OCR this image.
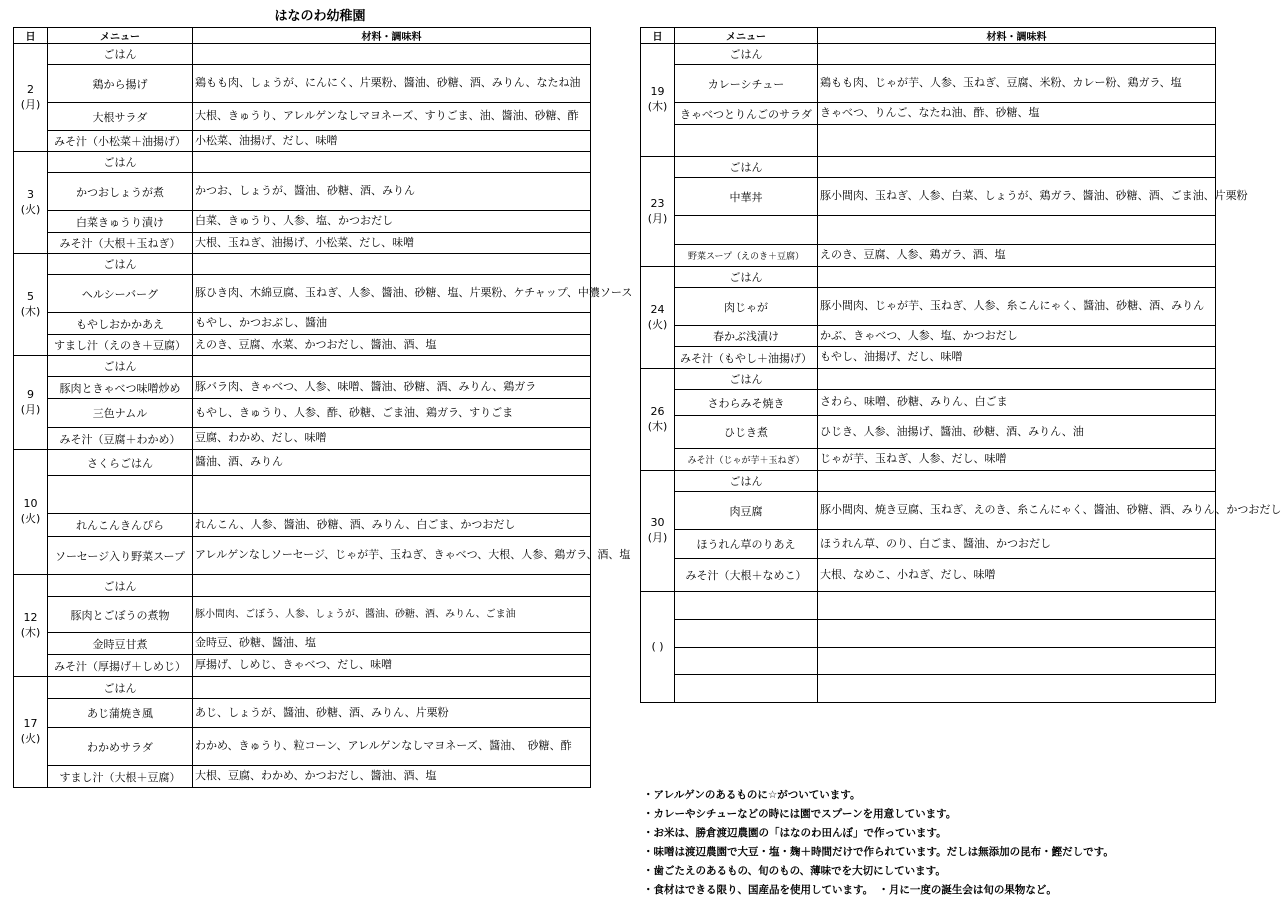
はなのわ幼稚園
日	メニュー	材料・調味料

2
(月)	ごはん	
	鶏から揚げ	鶏もも肉、しょうが、にんにく、片栗粉、醬油、砂糖、酒、みりん、なたね油
	大根サラダ	大根、きゅうり、アレルゲンなしマヨネーズ、すりごま、油、醬油、砂糖、酢
	みそ汁（小松菜＋油揚げ）	小松菜、油揚げ、だし、味噌

3
(火)	ごはん	
	かつおしょうが煮	かつお、しょうが、醬油、砂糖、酒、みりん
	白菜きゅうり漬け	白菜、きゅうり、人参、塩、かつおだし
	みそ汁（大根＋玉ねぎ）	大根、玉ねぎ、油揚げ、小松菜、だし、味噌

5
(木)	ごはん	
	ヘルシーバーグ	豚ひき肉、木綿豆腐、玉ねぎ、人参、醬油、砂糖、塩、片栗粉、ケチャップ、中濃ソース
	もやしおかかあえ	もやし、かつおぶし、醬油
	すまし汁（えのき＋豆腐）	えのき、豆腐、水菜、かつおだし、醬油、酒、塩

9
(月)	ごはん	
	豚肉ときゃべつ味噌炒め	豚バラ肉、きゃべつ、人参、味噌、醬油、砂糖、酒、みりん、鶏ガラ
	三色ナムル	もやし、きゅうり、人参、酢、砂糖、ごま油、鶏ガラ、すりごま
	みそ汁（豆腐＋わかめ）	豆腐、わかめ、だし、味噌

10
(火)	さくらごはん	醬油、酒、みりん

	れんこんきんぴら	れんこん、人参、醬油、砂糖、酒、みりん、白ごま、かつおだし
	ソーセージ入り野菜スープ	アレルゲンなしソーセージ、じゃが芋、玉ねぎ、きゃべつ、大根、人参、鶏ガラ、酒、塩

12
(木)	ごはん	
	豚肉とごぼうの煮物	豚小間肉、ごぼう、人参、しょうが、醬油、砂糖、酒、みりん、ごま油
	金時豆甘煮	金時豆、砂糖、醬油、塩
	みそ汁（厚揚げ＋しめじ）	厚揚げ、しめじ、きゃべつ、だし、味噌

17
(火)	ごはん	
	あじ蒲焼き風	あじ、しょうが、醬油、砂糖、酒、みりん、片栗粉
	わかめサラダ	わかめ、きゅうり、粒コーン、アレルゲンなしマヨネーズ、醬油、　砂糖、酢
	すまし汁（大根＋豆腐）	大根、豆腐、わかめ、かつおだし、醬油、酒、塩
日	メニュー	材料・調味料

19
(木)	ごはん	
	カレーシチュー	鶏もも肉、じゃが芋、人参、玉ねぎ、豆腐、米粉、カレー粉、鶏ガラ、塩
	きゃべつとりんごのサラダ	きゃべつ、りんご、なたね油、酢、砂糖、塩

23
(月)	ごはん	
	中華丼	豚小間肉、玉ねぎ、人参、白菜、しょうが、鶏ガラ、醬油、砂糖、酒、ごま油、片栗粉

	野菜スープ（えのき＋豆腐）	えのき、豆腐、人参、鶏ガラ、酒、塩

24
(火)	ごはん	
	肉じゃが	豚小間肉、じゃが芋、玉ねぎ、人参、糸こんにゃく、醬油、砂糖、酒、みりん
	春かぶ浅漬け	かぶ、きゃべつ、人参、塩、かつおだし
	みそ汁（もやし＋油揚げ）	もやし、油揚げ、だし、味噌

26
(木)	ごはん	
	さわらみそ焼き	さわら、味噌、砂糖、みりん、白ごま
	ひじき煮	ひじき、人参、油揚げ、醬油、砂糖、酒、みりん、油
	みそ汁（じゃが芋＋玉ねぎ）	じゃが芋、玉ねぎ、人参、だし、味噌

30
(月)	ごはん	
	肉豆腐	豚小間肉、焼き豆腐、玉ねぎ、えのき、糸こんにゃく、醬油、砂糖、酒、みりん、かつおだし
	ほうれん草のりあえ	ほうれん草、のり、白ごま、醬油、かつおだし
	みそ汁（大根＋なめこ）	大根、なめこ、小ねぎ、だし、味噌

( )		

・アレルゲンのあるものに☆がついています。
・カレーやシチューなどの時には園でスプーンを用意しています。
・お米は、勝倉渡辺農園の「はなのわ田んぼ」で作っています。
・味噌は渡辺農園で大豆・塩・麹＋時間だけで作られています。だしは無添加の昆布・鰹だしです。
・歯ごたえのあるもの、旬のもの、薄味でを大切にしています。
・食材はできる限り、国産品を使用しています。　・月に一度の誕生会は旬の果物など。
